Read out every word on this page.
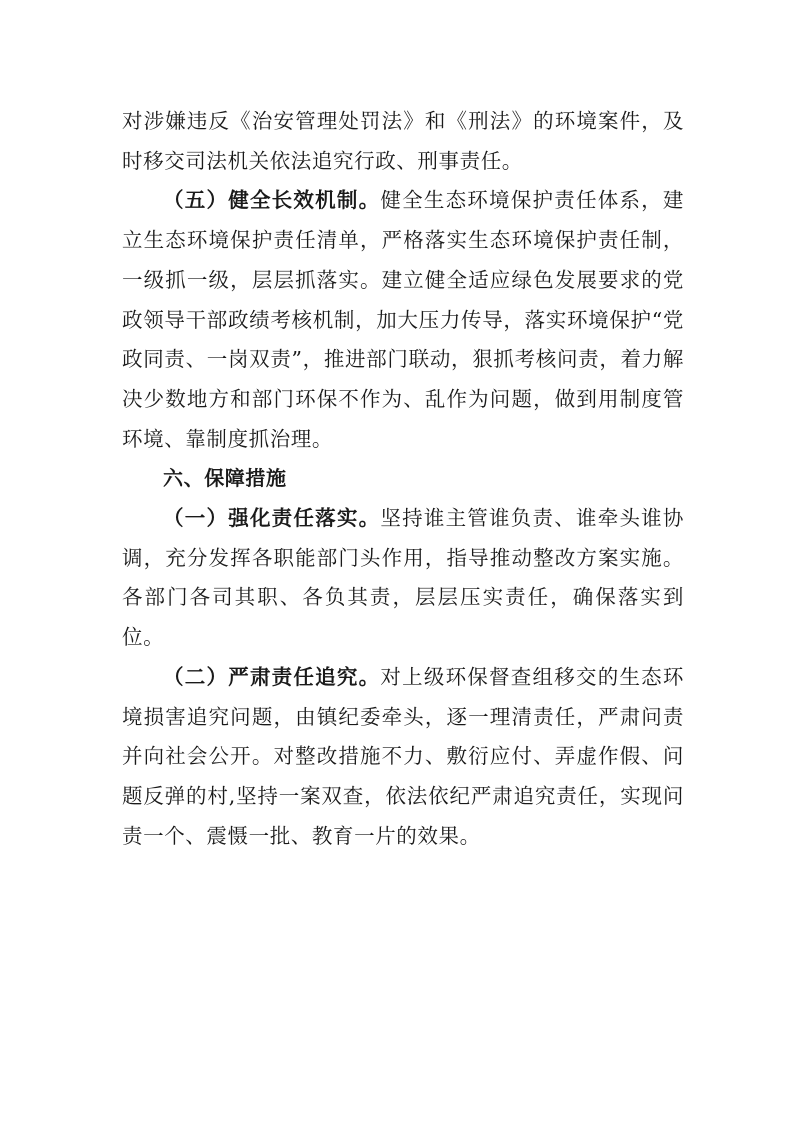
对涉嫌违反《治安管理处罚法》和《刑法》的环境案件，及时移交司法机关依法追究行政、刑事责任。

（五）健全长效机制。健全生态环境保护责任体系，建立生态环境保护责任清单，严格落实生态环境保护责任制，一级抓一级，层层抓落实。建立健全适应绿色发展要求的党政领导干部政绩考核机制，加大压力传导，落实环境保护“党政同责、一岗双责”，推进部门联动，狠抓考核问责，着力解决少数地方和部门环保不作为、乱作为问题，做到用制度管环境、靠制度抓治理。

六、保障措施

（一）强化责任落实。坚持谁主管谁负责、谁牵头谁协调，充分发挥各职能部门头作用，指导推动整改方案实施。各部门各司其职、各负其责，层层压实责任，确保落实到位。

（二）严肃责任追究。对上级环保督查组移交的生态环境损害追究问题，由镇纪委牵头，逐一理清责任，严肃问责并向社会公开。对整改措施不力、敷衍应付、弄虚作假、问题反弹的村,坚持一案双查，依法依纪严肃追究责任，实现问责一个、震慑一批、教育一片的效果。
